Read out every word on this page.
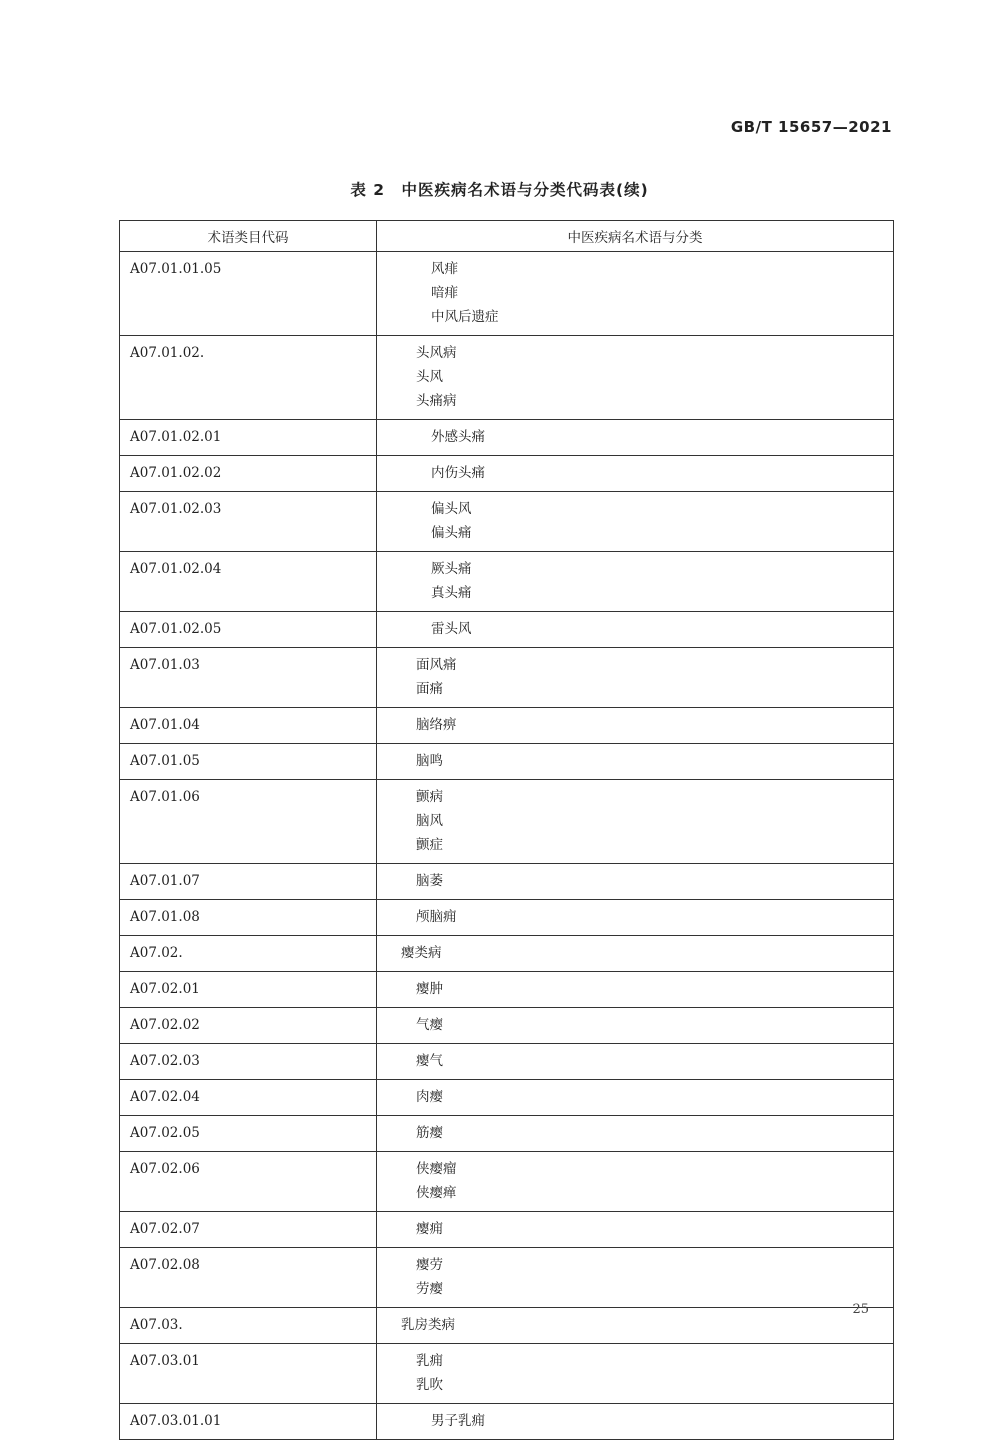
GB/T 15657—2021
表 2　中医疾病名术语与分类代码表(续)
术语类目代码	中医疾病名术语与分类

A07.01.01.05	风痱
喑痱
中风后遗症

A07.01.02.	头风病
头风
头痛病

A07.01.02.01	外感头痛

A07.01.02.02	内伤头痛

A07.01.02.03	偏头风
偏头痛

A07.01.02.04	厥头痛
真头痛

A07.01.02.05	雷头风

A07.01.03	面风痛
面痛

A07.01.04	脑络痹

A07.01.05	脑鸣

A07.01.06	颤病
脑风
颤症

A07.01.07	脑萎

A07.01.08	颅脑痈

A07.02.	瘿类病

A07.02.01	瘿肿

A07.02.02	气瘿

A07.02.03	瘿气

A07.02.04	肉瘿

A07.02.05	筋瘿

A07.02.06	侠瘿瘤
侠瘿瘅

A07.02.07	瘿痈

A07.02.08	瘿劳
劳瘿

A07.03.	乳房类病

A07.03.01	乳痈
乳吹

A07.03.01.01	男子乳痈
25
